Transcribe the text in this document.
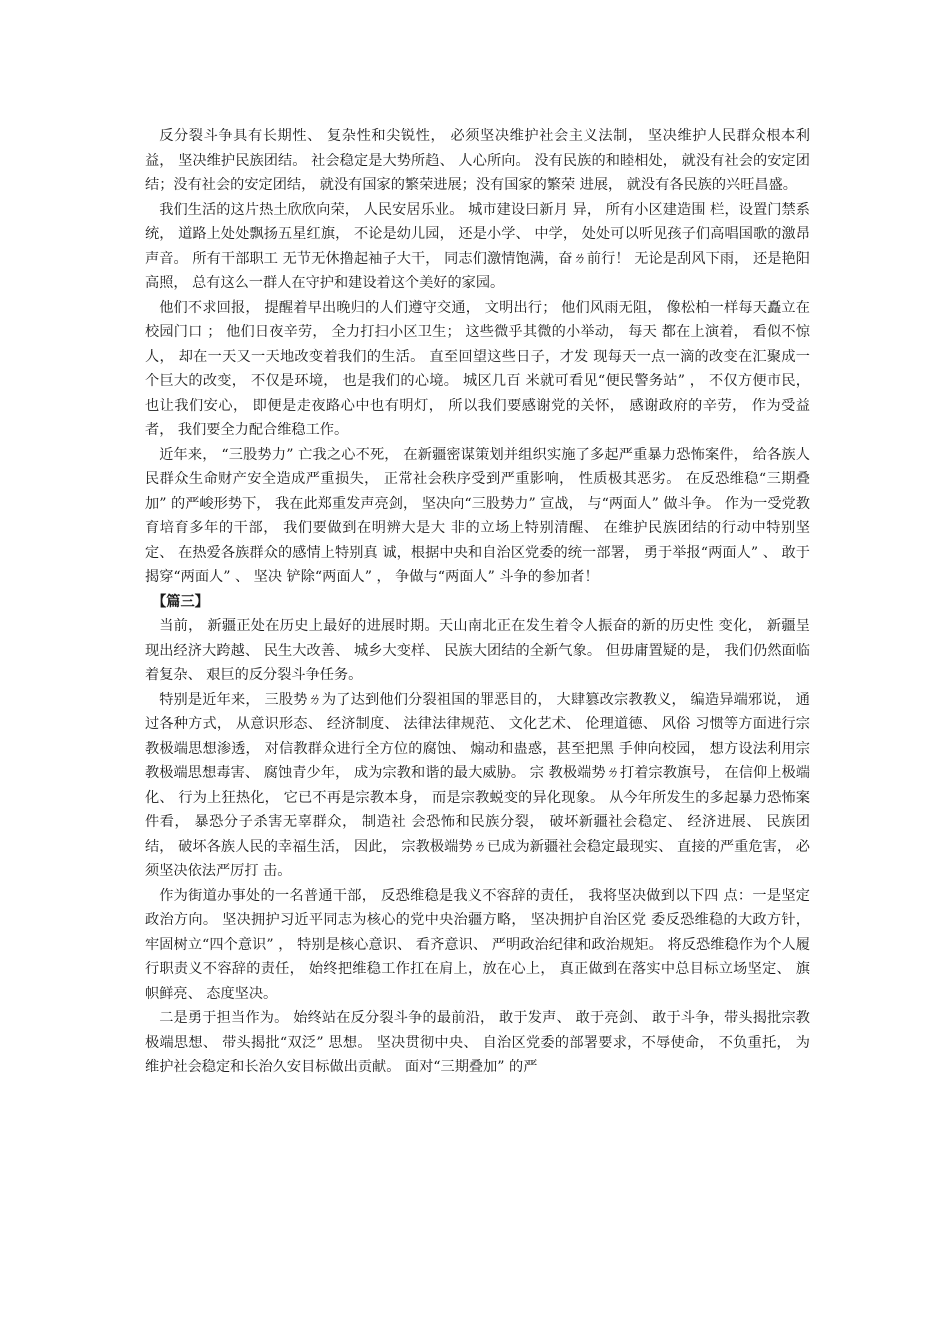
反分裂斗争具有长期性、 复杂性和尖锐性， 必须坚决维护社会主义法制， 坚决维护人民群众根本利益， 坚决维护民族团结。 社会稳定是大势所趋、 人心所向。 没有民族的和睦相处， 就没有社会的安定团结；没有社会的安定团结， 就没有国家的繁荣进展；没有国家的繁荣 进展， 就没有各民族的兴旺昌盛。

我们生活的这片热土欣欣向荣， 人民安居乐业。 城市建设曰新月 异， 所有小区建造围 栏，设置门禁系统， 道路上处处飘扬五星红旗， 不论是幼儿园， 还是小学、 中学， 处处可以听见孩子们高唱国歌的激昂声音。 所有干部职工 无节无休撸起袖子大干， 同志们激情饱满，奋ㄌ前行！ 无论是刮风下雨， 还是艳阳高照， 总有这么一群人在守护和建设着这个美好的家园。

他们不求回报， 提醒着早出晚归的人们遵守交通， 文明出行； 他们风雨无阻， 像松柏一样每天矗立在校园门口 ； 他们日夜辛劳， 全力打扫小区卫生； 这些微乎其微的小举动， 每天 都在上演着， 看似不惊人， 却在一天又一天地改变着我们的生活。 直至回望这些日子，才发 现每天一点一滴的改变在汇聚成一个巨大的改变， 不仅是环境， 也是我们的心境。 城区几百 米就可看见“便民警务站” ， 不仅方便市民， 也让我们安心， 即便是走夜路心中也有明灯， 所以我们要感谢党的关怀， 感谢政府的辛劳， 作为受益者， 我们要全力配合维稳工作。

近年来， “三股势力” 亡我之心不死， 在新疆密谋策划并组织实施了多起严重暴力恐怖案件， 给各族人民群众生命财产安全造成严重损失， 正常社会秩序受到严重影响， 性质极其恶劣。 在反恐维稳“三期叠加” 的严峻形势下， 我在此郑重发声亮剑， 坚决向“三股势力” 宣战， 与“两面人” 做斗争。 作为一受党教育培育多年的干部， 我们要做到在明辨大是大 非的立场上特别清醒、 在维护民族团结的行动中特别坚定、 在热爱各族群众的感情上特别真 诚，根据中央和自治区党委的统一部署， 勇于举报“两面人” 、 敢于揭穿“两面人” 、 坚决 铲除“两面人” ， 争做与“两面人” 斗争的参加者！

【篇三】

当前， 新疆正处在历史上最好的进展时期。天山南北正在发生着令人振奋的新的历史性 变化， 新疆呈现出经济大跨越、 民生大改善、 城乡大变样、 民族大团结的全新气象。 但毋庸置疑的是， 我们仍然面临着复杂、 艰巨的反分裂斗争任务。

特别是近年来， 三股势ㄌ为了达到他们分裂祖国的罪恶目的， 大肆篡改宗教教义， 编造异端邪说， 通过各种方式， 从意识形态、 经济制度、 法律法律规范、 文化艺术、 伦理道德、 风俗 习惯等方面进行宗教极端思想渗透， 对信教群众进行全方位的腐蚀、 煽动和蛊惑，甚至把黑 手伸向校园， 想方设法利用宗教极端思想毒害、 腐蚀青少年， 成为宗教和谐的最大威胁。 宗 教极端势ㄌ打着宗教旗号， 在信仰上极端化、 行为上狂热化， 它已不再是宗教本身， 而是宗教蜕变的异化现象。 从今年所发生的多起暴力恐怖案件看， 暴恐分子杀害无辜群众， 制造社 会恐怖和民族分裂， 破坏新疆社会稳定、 经济进展、 民族团结， 破坏各族人民的幸福生活， 因此， 宗教极端势ㄌ已成为新疆社会稳定最现实、 直接的严重危害， 必须坚决依法严厉打 击。

作为街道办事处的一名普通干部， 反恐维稳是我义不容辞的责任， 我将坚决做到以下四 点：一是坚定政治方向。 坚决拥护习近平同志为核心的党中央治疆方略， 坚决拥护自治区党 委反恐维稳的大政方针， 牢固树立“四个意识” ， 特别是核心意识、 看齐意识、 严明政治纪律和政治规矩。 将反恐维稳作为个人履行职责义不容辞的责任， 始终把维稳工作扛在肩上，放在心上， 真正做到在落实中总目标立场坚定、 旗帜鲜亮、 态度坚决。

二是勇于担当作为。 始终站在反分裂斗争的最前沿， 敢于发声、 敢于亮剑、 敢于斗争，带头揭批宗教极端思想、 带头揭批“双泛” 思想。 坚决贯彻中央、 自治区党委的部署要求，不辱使命， 不负重托， 为维护社会稳定和长治久安目标做出贡献。 面对“三期叠加” 的严
